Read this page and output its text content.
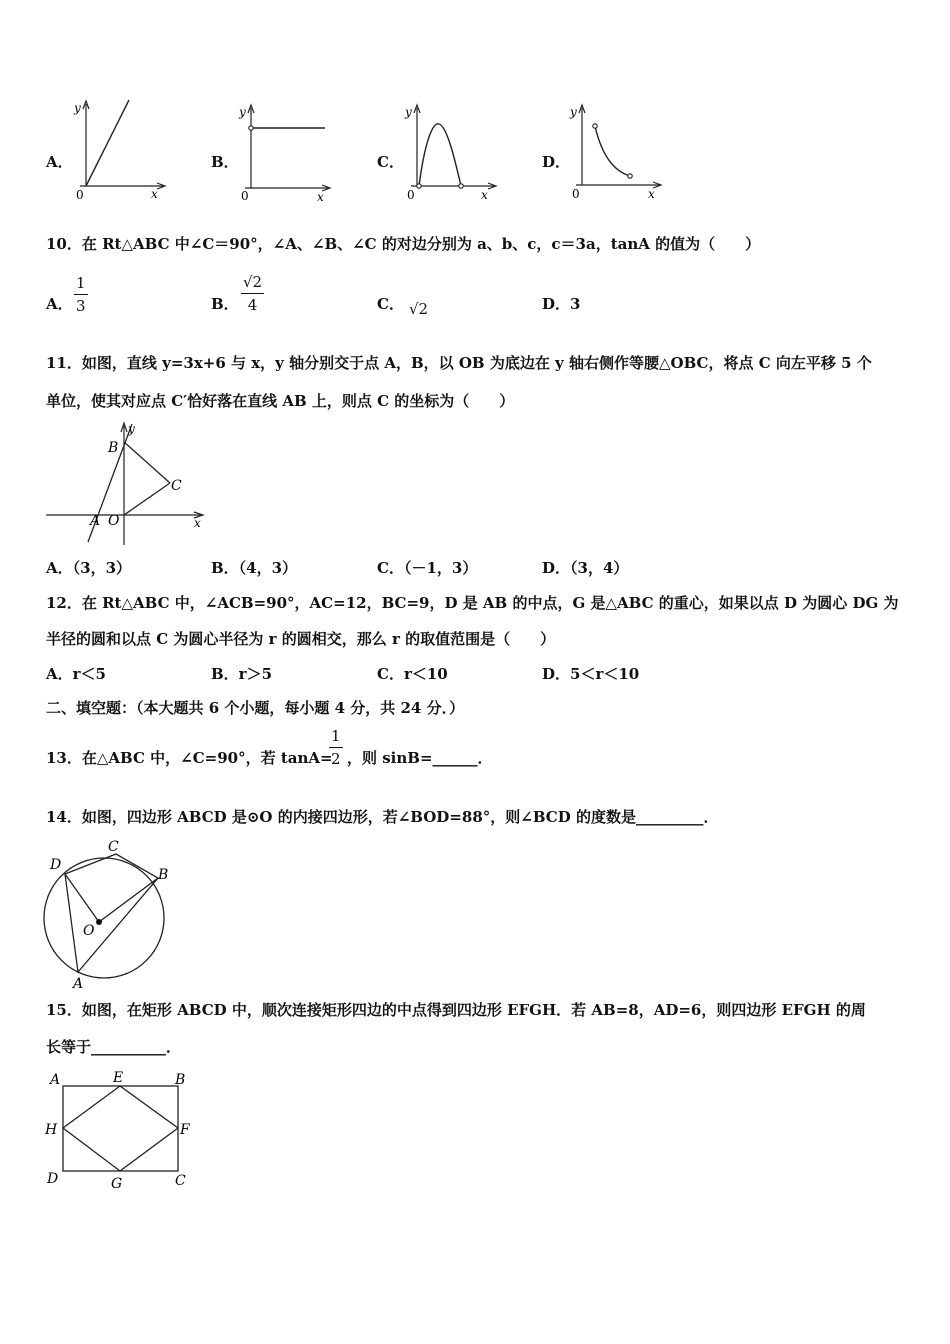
A．
y
x
0
B．
y
x
0
C．
y
x
0
D．
y
x
0
10．在 Rt△ABC 中∠C＝90°，∠A、∠B、∠C 的对边分别为 a、b、c，c＝3a，tanA 的值为（　　）
A． $\frac{1}{3}$	B． $\frac{√2}{4}$	C． √2	D． 3
11．如图，直线 y=3x+6 与 x，y 轴分别交于点 A，B，以 OB 为底边在 y 轴右侧作等腰△OBC，将点 C 向左平移 5 个
单位，使其对应点 C′恰好落在直线 AB 上，则点 C 的坐标为（　　）
y
B
C
A O	x
A．（3，3）	B．（4，3）	C．（－1，3）	D．（3，4）
12．在 Rt△ABC 中，∠ACB=90°，AC=12，BC=9，D 是 AB 的中点，G 是△ABC 的重心，如果以点 D 为圆心 DG 为
半径的圆和以点 C 为圆心半径为 r 的圆相交，那么 r 的取值范围是（　　）
A．r＜5	B．r＞5	C．r＜10	D．5＜r＜10
二、填空题：（本大题共 6 个小题，每小题 4 分，共 24 分．）
13．在△ABC 中，∠C=90°，若 tanA=
$\frac{1}{2}$ ，则 sinB=______．
14．如图，四边形 ABCD 是⊙O 的内接四边形，若∠BOD=88°，则∠BCD 的度数是_________．
D
C
B
O
A
15．如图，在矩形 ABCD 中，顺次连接矩形四边的中点得到四边形 EFGH．若 AB=8，AD=6，则四边形 EFGH 的周
长等于__________．
A	E	B
H	F
D	G	C
